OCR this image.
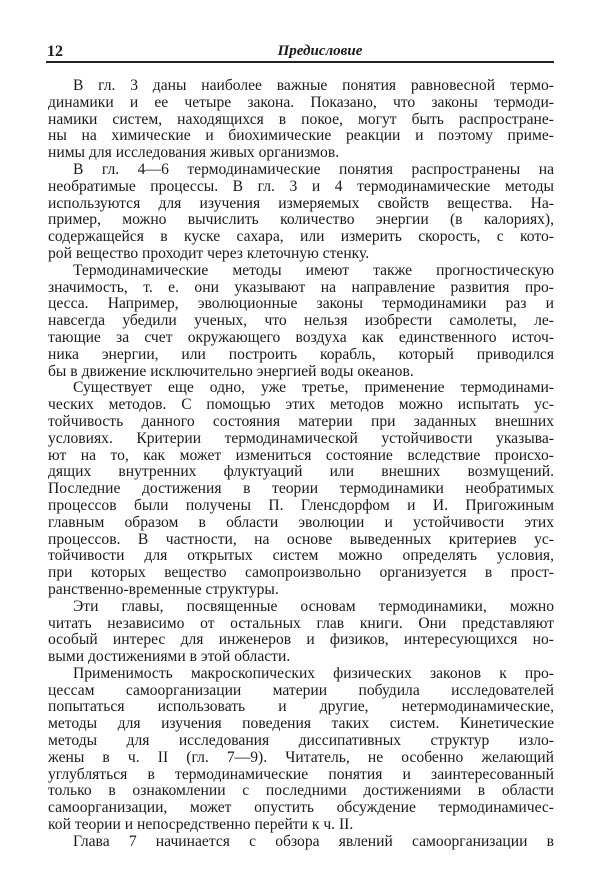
12	Предисловие
В гл. 3 даны наиболее важные понятия равновесной термо-
динамики и ее четыре закона. Показано, что законы термоди-
намики систем, находящихся в покое, могут быть распростране-
ны на химические и биохимические реакции и поэтому приме-
нимы для исследования живых организмов.
В гл. 4—6 термодинамические понятия распространены на
необратимые процессы. В гл. 3 и 4 термодинамические методы
используются для изучения измеряемых свойств вещества. На-
пример, можно вычислить количество энергии (в калориях),
содержащейся в куске сахара, или измерить скорость, с кото-
рой вещество проходит через клеточную стенку.
Термодинамические методы имеют также прогностическую
значимость, т. е. они указывают на направление развития про-
цесса. Например, эволюционные законы термодинамики раз и
навсегда убедили ученых, что нельзя изобрести самолеты, ле-
тающие за счет окружающего воздуха как единственного источ-
ника энергии, или построить корабль, который приводился
бы в движение исключительно энергией воды океанов.
Существует еще одно, уже третье, применение термодинами-
ческих методов. С помощью этих методов можно испытать ус-
тойчивость данного состояния материи при заданных внешних
условиях. Критерии термодинамической устойчивости указыва-
ют на то, как может измениться состояние вследствие происхо-
дящих внутренних флуктуаций или внешних возмущений.
Последние достижения в теории термодинамики необратимых
процессов были получены П. Гленсдорфом и И. Пригожиным
главным образом в области эволюции и устойчивости этих
процессов. В частности, на основе выведенных критериев ус-
тойчивости для открытых систем можно определять условия,
при которых вещество самопроизвольно организуется в прост-
ранственно-временные структуры.
Эти главы, посвященные основам термодинамики, можно
читать независимо от остальных глав книги. Они представляют
особый интерес для инженеров и физиков, интересующихся но-
выми достижениями в этой области.
Применимость макроскопических физических законов к про-
цессам самоорганизации материи побудила исследователей
попытаться использовать и другие, нетермодинамические,
методы для изучения поведения таких систем. Кинетические
методы для исследования диссипативных структур изло-
жены в ч. II (гл. 7—9). Читатель, не особенно желающий
углубляться в термодинамические понятия и заинтересованный
только в ознакомлении с последними достижениями в области
самоорганизации, может опустить обсуждение термодинамичес-
кой теории и непосредственно перейти к ч. II.
Глава 7 начинается с обзора явлений самоорганизации в
